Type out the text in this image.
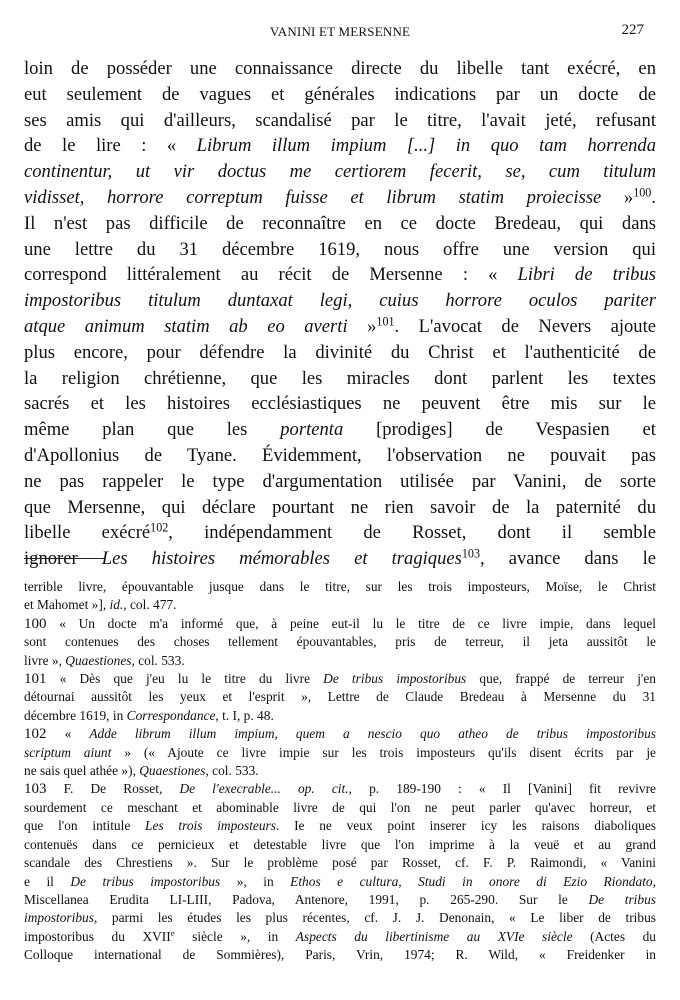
VANINI ET MERSENNE	227
loin de posséder une connaissance directe du libelle tant exécré, en
eut seulement de vagues et générales indications par un docte de
ses amis qui d'ailleurs, scandalisé par le titre, l'avait jeté, refusant
de le lire : « Librum illum impium [...] in quo tam horrenda
continentur, ut vir doctus me certiorem fecerit, se, cum titulum
vidisset, horrore correptum fuisse et librum statim proiecisse »$^{100}$.
Il n'est pas difficile de reconnaître en ce docte Bredeau, qui dans
une lettre du 31 décembre 1619, nous offre une version qui
correspond littéralement au récit de Mersenne : « Libri de tribus
impostoribus titulum duntaxat legi, cuius horrore oculos pariter
atque animum statim ab eo averti »$^{101}$. L'avocat de Nevers ajoute
plus encore, pour défendre la divinité du Christ et l'authenticité de
la religion chrétienne, que les miracles dont parlent les textes
sacrés et les histoires ecclésiastiques ne peuvent être mis sur le
même plan que les portenta [prodiges] de Vespasien et
d'Apollonius de Tyane. Évidemment, l'observation ne pouvait pas
ne pas rappeler le type d'argumentation utilisée par Vanini, de sorte
que Mersenne, qui déclare pourtant ne rien savoir de la paternité du
libelle exécré$^{102}$, indépendamment de Rosset, dont il semble
ignorer Les histoires mémorables et tragiques$^{103}$, avance dans le
terrible livre, épouvantable jusque dans le titre, sur les trois imposteurs, Moïse, le Christ
et Mahomet »], id., col. 477.
100 « Un docte m'a informé que, à peine eut-il lu le titre de ce livre impie, dans lequel
sont contenues des choses tellement épouvantables, pris de terreur, il jeta aussitôt le
livre », Quaestiones, col. 533.
101 « Dès que j'eu lu le titre du livre De tribus impostoribus que, frappé de terreur j'en
détournai aussitôt les yeux et l'esprit », Lettre de Claude Bredeau à Mersenne du 31
décembre 1619, in Correspondance, t. I, p. 48.
102 « Adde librum illum impium, quem a nescio quo atheo de tribus impostoribus
scriptum aiunt » (« Ajoute ce livre impie sur les trois imposteurs qu'ils disent écrits par je
ne sais quel athée »), Quaestiones, col. 533.
103 F. De Rosset, De l'execrable... op. cit., p. 189-190 : « Il [Vanini] fit revivre
sourdement ce meschant et abominable livre de qui l'on ne peut parler qu'avec horreur, et
que l'on intitule Les trois imposteurs. Ie ne veux point inserer icy les raisons diaboliques
contenuës dans ce pernicieux et detestable livre que l'on imprime à la veuë et au grand
scandale des Chrestiens ». Sur le problème posé par Rosset, cf. F. P. Raimondi, « Vanini
e il De tribus impostoribus », in Ethos e cultura, Studi in onore di Ezio Riondato,
Miscellanea Erudita LI-LIII, Padova, Antenore, 1991, p. 265-290. Sur le De tribus
impostoribus, parmi les études les plus récentes, cf. J. J. Denonain, « Le liber de tribus
impostoribus du XVIIe siècle », in Aspects du libertinisme au XVIe siècle (Actes du
Colloque international de Sommières), Paris, Vrin, 1974; R. Wild, « Freidenker in
